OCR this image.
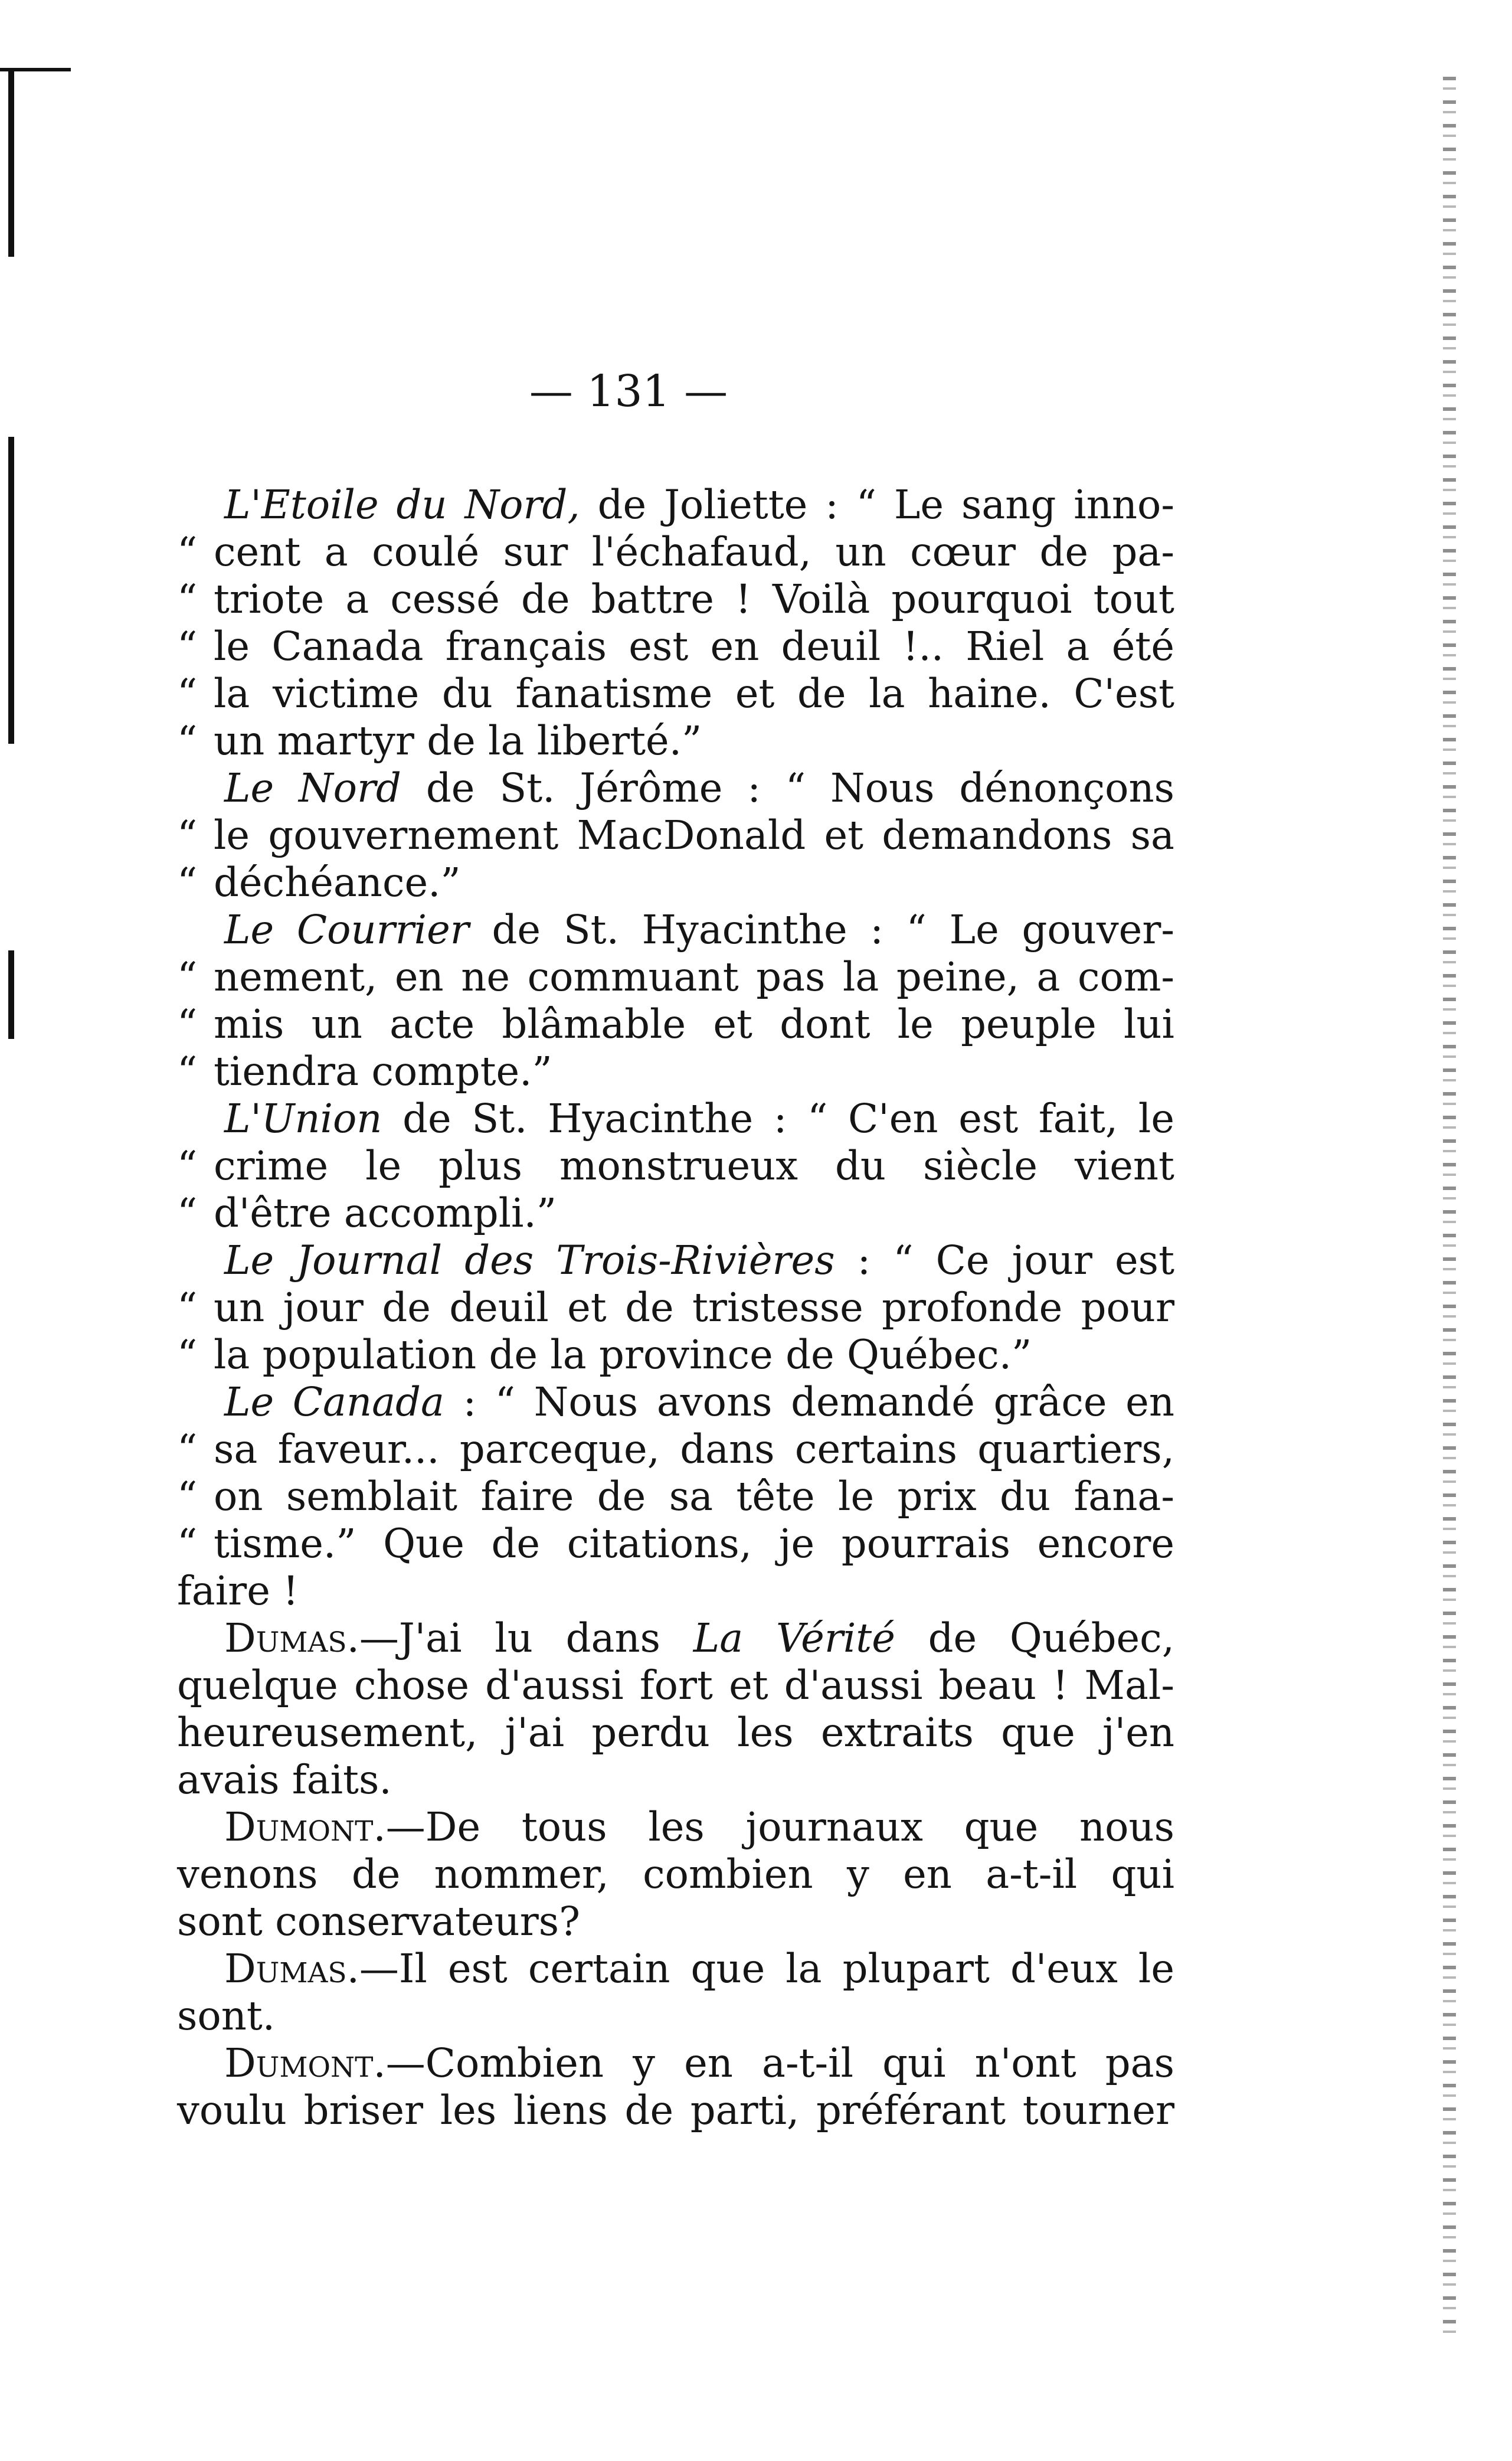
— 131 —
L'Etoile du Nord, de Joliette : “ Le sang inno-
“ cent a coulé sur l'échafaud, un cœur de pa-
“ triote a cessé de battre ! Voilà pourquoi tout
“ le Canada français est en deuil !.. Riel a été
“ la victime du fanatisme et de la haine. C'est
“ un martyr de la liberté.”
Le Nord de St. Jérôme : “ Nous dénonçons
“ le gouvernement MacDonald et demandons sa
“ déchéance.”
Le Courrier de St. Hyacinthe : “ Le gouver-
“ nement, en ne commuant pas la peine, a com-
“ mis un acte blâmable et dont le peuple lui
“ tiendra compte.”
L'Union de St. Hyacinthe : “ C'en est fait, le
“ crime le plus monstrueux du siècle vient
“ d'être accompli.”
Le Journal des Trois-Rivières : “ Ce jour est
“ un jour de deuil et de tristesse profonde pour
“ la population de la province de Québec.”
Le Canada : “ Nous avons demandé grâce en
“ sa faveur... parceque, dans certains quartiers,
“ on semblait faire de sa tête le prix du fana-
“ tisme.” Que de citations, je pourrais encore
faire !
Dumas.—J'ai lu dans La Vérité de Québec,
quelque chose d'aussi fort et d'aussi beau ! Mal-
heureusement, j'ai perdu les extraits que j'en
avais faits.
Dumont.—De tous les journaux que nous
venons de nommer, combien y en a-t-il qui
sont conservateurs?
Dumas.—Il est certain que la plupart d'eux le
sont.
Dumont.—Combien y en a-t-il qui n'ont pas
voulu briser les liens de parti, préférant tourner
